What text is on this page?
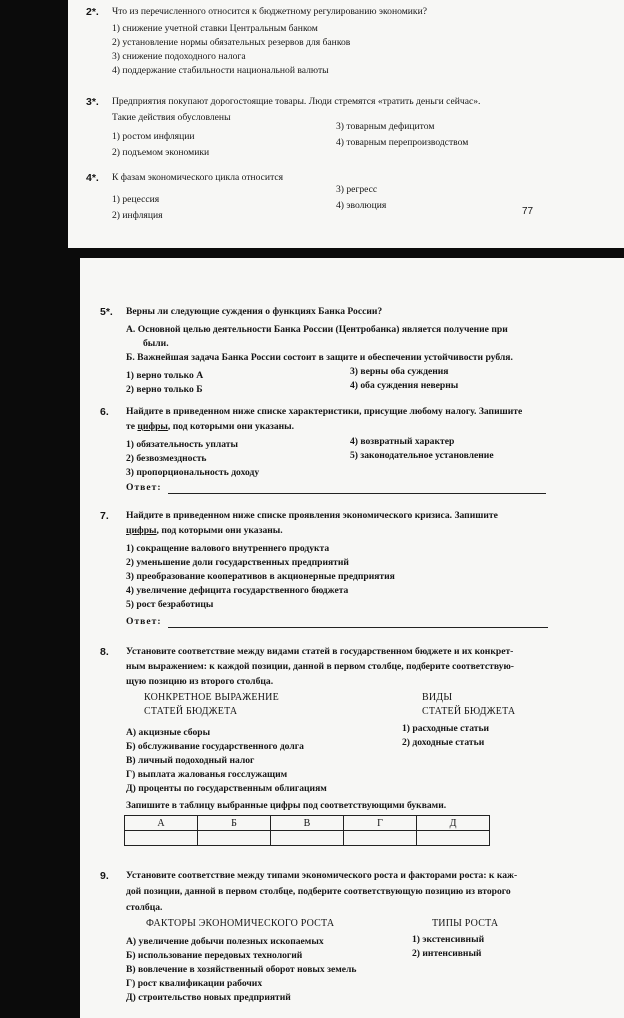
2*. Что из перечисленного относится к бюджетному регулированию экономики?
1) снижение учетной ставки Центральным банком
2) установление нормы обязательных резервов для банков
3) снижение подоходного налога
4) поддержание стабильности национальной валюты
3*. Предприятия покупают дорогостоящие товары. Люди стремятся «тратить деньги сейчас».
Такие действия обусловлены
1) ростом инфляции
2) подъемом экономики
3) товарным дефицитом
4) товарным перепроизводством
4*. К фазам экономического цикла относится
1) рецессия
2) инфляция
3) регресс
4) эволюция
77
5*. Верны ли следующие суждения о функциях Банка России?
А. Основной целью деятельности Банка России (Центробанка) является получение при
были.
Б. Важнейшая задача Банка России состоит в защите и обеспечении устойчивости рубля.
1) верно только А
2) верно только Б
3) верны оба суждения
4) оба суждения неверны
6. Найдите в приведенном ниже списке характеристики, присущие любому налогу. Запишите
те цифры, под которыми они указаны.
1) обязательность уплаты
2) безвозмездность
3) пропорциональность доходу
4) возвратный характер
5) законодательное установление
Ответ:
7. Найдите в приведенном ниже списке проявления экономического кризиса. Запишите
цифры, под которыми они указаны.
1) сокращение валового внутреннего продукта
2) уменьшение доли государственных предприятий
3) преобразование кооперативов в акционерные предприятия
4) увеличение дефицита государственного бюджета
5) рост безработицы
Ответ:
8. Установите соответствие между видами статей в государственном бюджете и их конкрет-
ным выражением: к каждой позиции, данной в первом столбце, подберите соответствую-
щую позицию из второго столбца.
КОНКРЕТНОЕ ВЫРАЖЕНИЕ
СТАТЕЙ БЮДЖЕТА
ВИДЫ
СТАТЕЙ БЮДЖЕТА
А) акцизные сборы
Б) обслуживание государственного долга
В) личный подоходный налог
Г) выплата жалованья госслужащим
Д) проценты по государственным облигациям
1) расходные статьи
2) доходные статьи
Запишите в таблицу выбранные цифры под соответствующими буквами.
А	Б	В	Г	Д

9. Установите соответствие между типами экономического роста и факторами роста: к каж-
дой позиции, данной в первом столбце, подберите соответствующую позицию из второго
столбца.
ФАКТОРЫ ЭКОНОМИЧЕСКОГО РОСТА	ТИПЫ РОСТА
А) увеличение добычи полезных ископаемых
Б) использование передовых технологий
В) вовлечение в хозяйственный оборот новых земель
Г) рост квалификации рабочих
Д) строительство новых предприятий
1) экстенсивный
2) интенсивный
